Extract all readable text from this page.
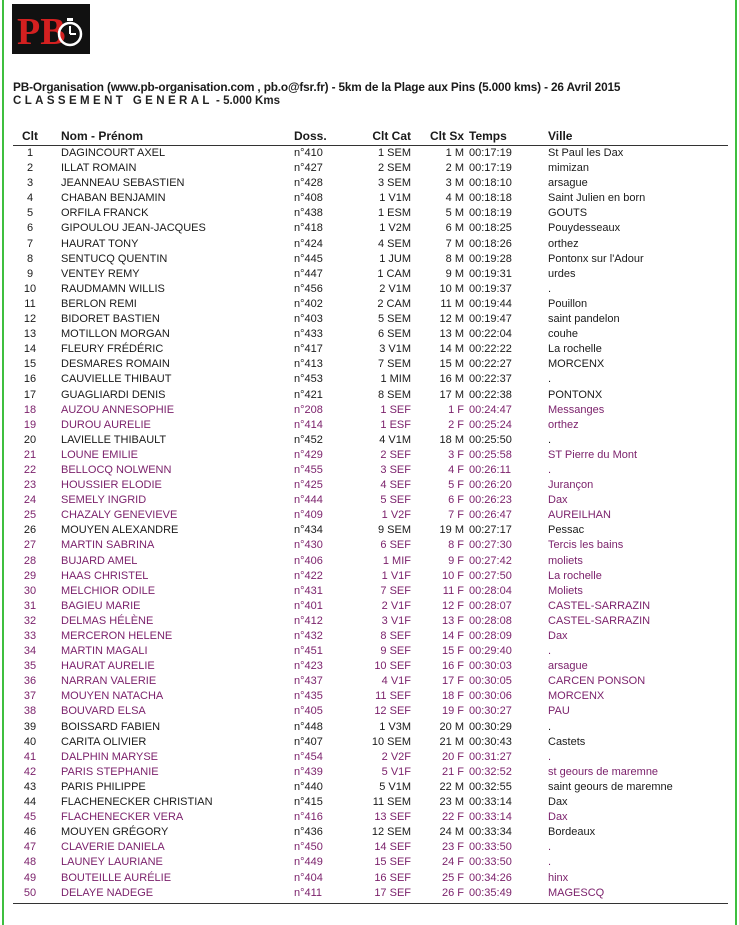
PB
PB-Organisation (www.pb-organisation.com , pb.o@fsr.fr) - 5km de la Plage aux Pins (5.000 kms) - 26 Avril 2015
CLASSEMENT GENERAL - 5.000 Kms
Clt	Nom - Prénom	Doss.	Clt Cat	Clt Sx Temps	Ville
1	DAGINCOURT AXEL	n°410	1 SEM	1 M 00:17:19	St Paul les Dax
2	ILLAT ROMAIN	n°427	2 SEM	2 M 00:17:19	mimizan
3	JEANNEAU SEBASTIEN	n°428	3 SEM	3 M 00:18:10	arsague
4	CHABAN BENJAMIN	n°408	1 V1M	4 M 00:18:18	Saint Julien en born
5	ORFILA FRANCK	n°438	1 ESM	5 M 00:18:19	GOUTS
6	GIPOULOU JEAN-JACQUES	n°418	1 V2M	6 M 00:18:25	Pouydesseaux
7	HAURAT TONY	n°424	4 SEM	7 M 00:18:26	orthez
8	SENTUCQ QUENTIN	n°445	1 JUM	8 M 00:19:28	Pontonx sur l'Adour
9	VENTEY REMY	n°447	1 CAM	9 M 00:19:31	urdes
10	RAUDMAMN WILLIS	n°456	2 V1M	10 M 00:19:37	.
11	BERLON REMI	n°402	2 CAM	11 M 00:19:44	Pouillon
12	BIDORET BASTIEN	n°403	5 SEM	12 M 00:19:47	saint pandelon
13	MOTILLON MORGAN	n°433	6 SEM	13 M 00:22:04	couhe
14	FLEURY FRÉDÉRIC	n°417	3 V1M	14 M 00:22:22	La rochelle
15	DESMARES ROMAIN	n°413	7 SEM	15 M 00:22:27	MORCENX
16	CAUVIELLE THIBAUT	n°453	1 MIM	16 M 00:22:37	.
17	GUAGLIARDI DENIS	n°421	8 SEM	17 M 00:22:38	PONTONX
18	AUZOU ANNESOPHIE	n°208	1 SEF	1 F 00:24:47	Messanges
19	DUROU AURELIE	n°414	1 ESF	2 F 00:25:24	orthez
20	LAVIELLE THIBAULT	n°452	4 V1M	18 M 00:25:50	.
21	LOUNE EMILIE	n°429	2 SEF	3 F 00:25:58	ST Pierre du Mont
22	BELLOCQ NOLWENN	n°455	3 SEF	4 F 00:26:11	.
23	HOUSSIER ELODIE	n°425	4 SEF	5 F 00:26:20	Jurançon
24	SEMELY INGRID	n°444	5 SEF	6 F 00:26:23	Dax
25	CHAZALY GENEVIEVE	n°409	1 V2F	7 F 00:26:47	AUREILHAN
26	MOUYEN ALEXANDRE	n°434	9 SEM	19 M 00:27:17	Pessac
27	MARTIN SABRINA	n°430	6 SEF	8 F 00:27:30	Tercis les bains
28	BUJARD AMEL	n°406	1 MIF	9 F 00:27:42	moliets
29	HAAS CHRISTEL	n°422	1 V1F	10 F 00:27:50	La rochelle
30	MELCHIOR ODILE	n°431	7 SEF	11 F 00:28:04	Moliets
31	BAGIEU MARIE	n°401	2 V1F	12 F 00:28:07	CASTEL-SARRAZIN
32	DELMAS HÉLÈNE	n°412	3 V1F	13 F 00:28:08	CASTEL-SARRAZIN
33	MERCERON HELENE	n°432	8 SEF	14 F 00:28:09	Dax
34	MARTIN MAGALI	n°451	9 SEF	15 F 00:29:40	.
35	HAURAT AURELIE	n°423	10 SEF	16 F 00:30:03	arsague
36	NARRAN VALERIE	n°437	4 V1F	17 F 00:30:05	CARCEN PONSON
37	MOUYEN NATACHA	n°435	11 SEF	18 F 00:30:06	MORCENX
38	BOUVARD ELSA	n°405	12 SEF	19 F 00:30:27	PAU
39	BOISSARD FABIEN	n°448	1 V3M	20 M 00:30:29	.
40	CARITA OLIVIER	n°407	10 SEM	21 M 00:30:43	Castets
41	DALPHIN MARYSE	n°454	2 V2F	20 F 00:31:27	.
42	PARIS STEPHANIE	n°439	5 V1F	21 F 00:32:52	st geours de maremne
43	PARIS PHILIPPE	n°440	5 V1M	22 M 00:32:55	saint geours de maremne
44	FLACHENECKER CHRISTIAN	n°415	11 SEM	23 M 00:33:14	Dax
45	FLACHENECKER VERA	n°416	13 SEF	22 F 00:33:14	Dax
46	MOUYEN GRÉGORY	n°436	12 SEM	24 M 00:33:34	Bordeaux
47	CLAVERIE DANIELA	n°450	14 SEF	23 F 00:33:50	.
48	LAUNEY LAURIANE	n°449	15 SEF	24 F 00:33:50	.
49	BOUTEILLE AURÉLIE	n°404	16 SEF	25 F 00:34:26	hinx
50	DELAYE NADEGE	n°411	17 SEF	26 F 00:35:49	MAGESCQ
